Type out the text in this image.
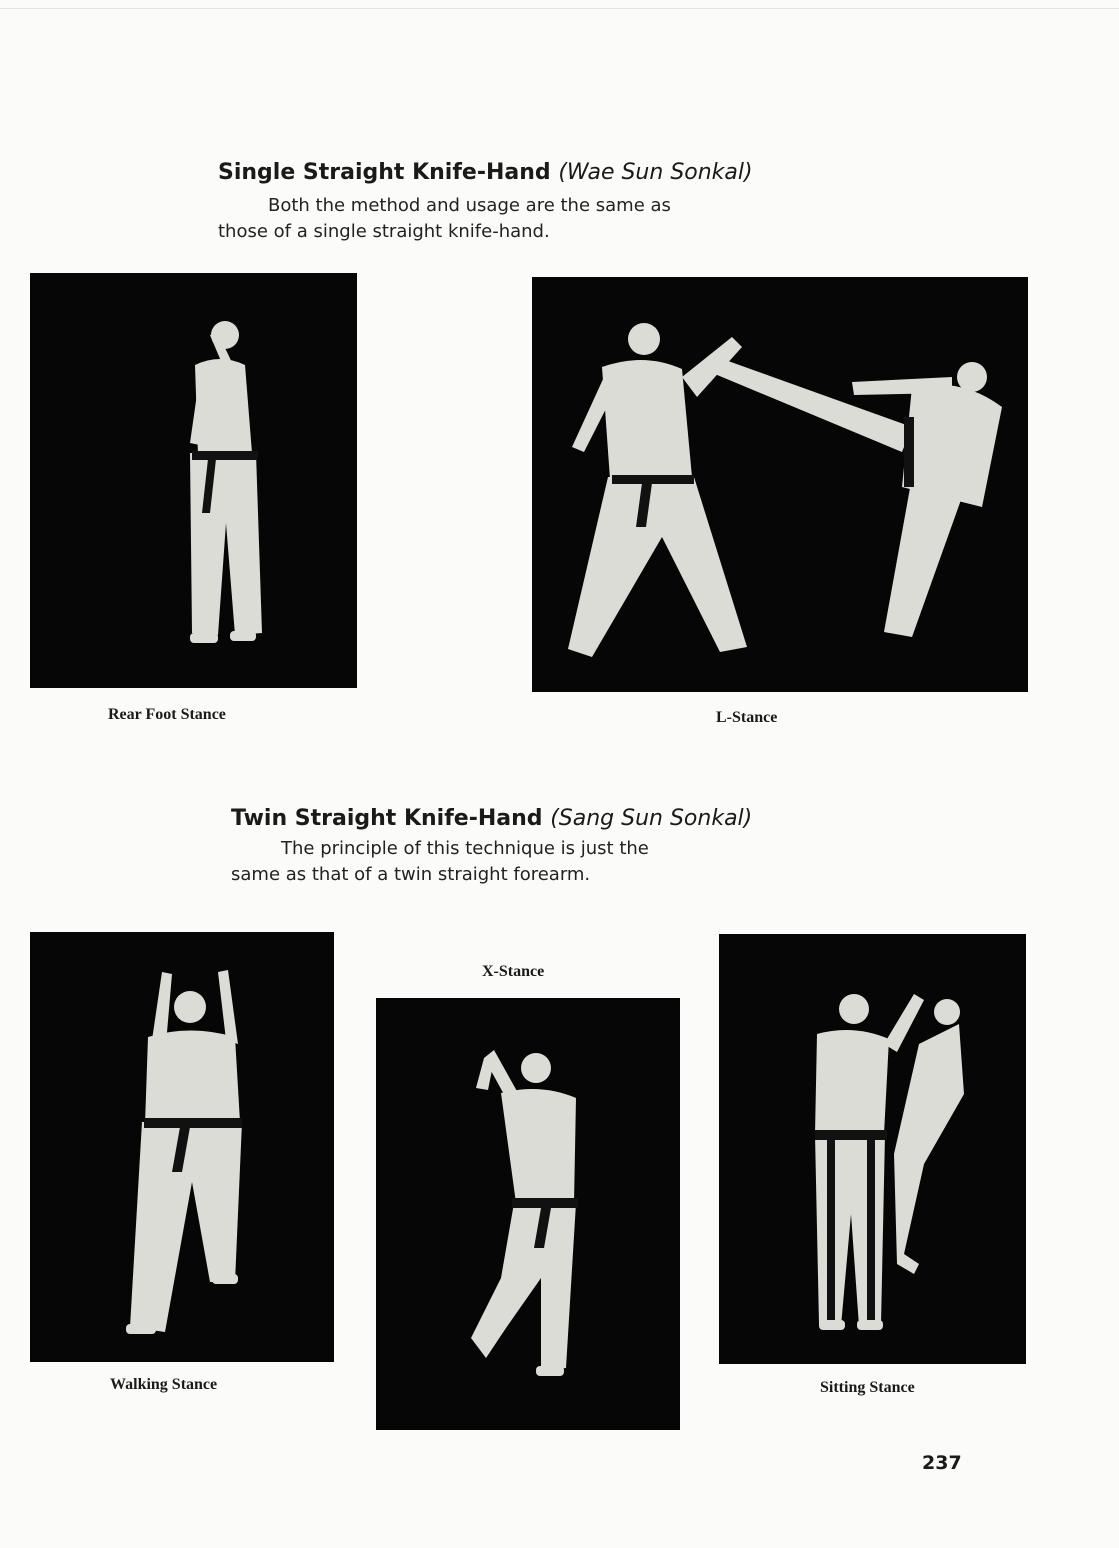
Single Straight Knife-Hand (Wae Sun Sonkal)
Both the method and usage are the same as
those of a single straight knife-hand.
Rear Foot Stance	L-Stance
Twin Straight Knife-Hand (Sang Sun Sonkal)
The principle of this technique is just the
same as that of a twin straight forearm.
Walking Stance
X-Stance
Sitting Stance
237
